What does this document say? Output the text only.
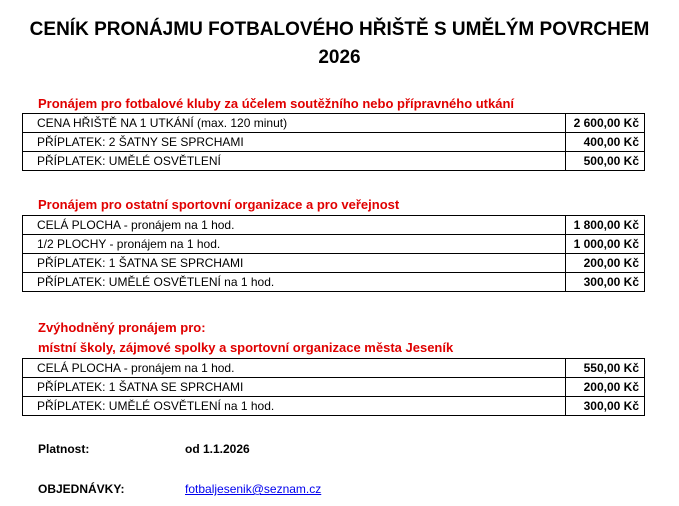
CENÍK PRONÁJMU FOTBALOVÉHO HŘIŠTĚ S UMĚLÝM POVRCHEM
2026
Pronájem pro fotbalové kluby za účelem soutěžního nebo přípravného utkání
CENA HŘIŠTĚ NA 1 UTKÁNÍ (max. 120 minut)	2 600,00 Kč
PŘÍPLATEK: 2 ŠATNY SE SPRCHAMI	400,00 Kč
PŘÍPLATEK: UMĚLÉ OSVĚTLENÍ	500,00 Kč
Pronájem pro ostatní sportovní organizace a pro veřejnost
CELÁ PLOCHA - pronájem na 1 hod.	1 800,00 Kč
1/2 PLOCHY - pronájem na 1 hod.	1 000,00 Kč
PŘÍPLATEK: 1 ŠATNA SE SPRCHAMI	200,00 Kč
PŘÍPLATEK: UMĚLÉ OSVĚTLENÍ na 1 hod.	300,00 Kč
Zvýhodněný pronájem pro:
místní školy, zájmové spolky a sportovní organizace města Jeseník
CELÁ PLOCHA - pronájem na 1 hod.	550,00 Kč
PŘÍPLATEK: 1 ŠATNA SE SPRCHAMI	200,00 Kč
PŘÍPLATEK: UMĚLÉ OSVĚTLENÍ na 1 hod.	300,00 Kč
Platnost:	od 1.1.2026
OBJEDNÁVKY:	fotbaljesenik@seznam.cz
